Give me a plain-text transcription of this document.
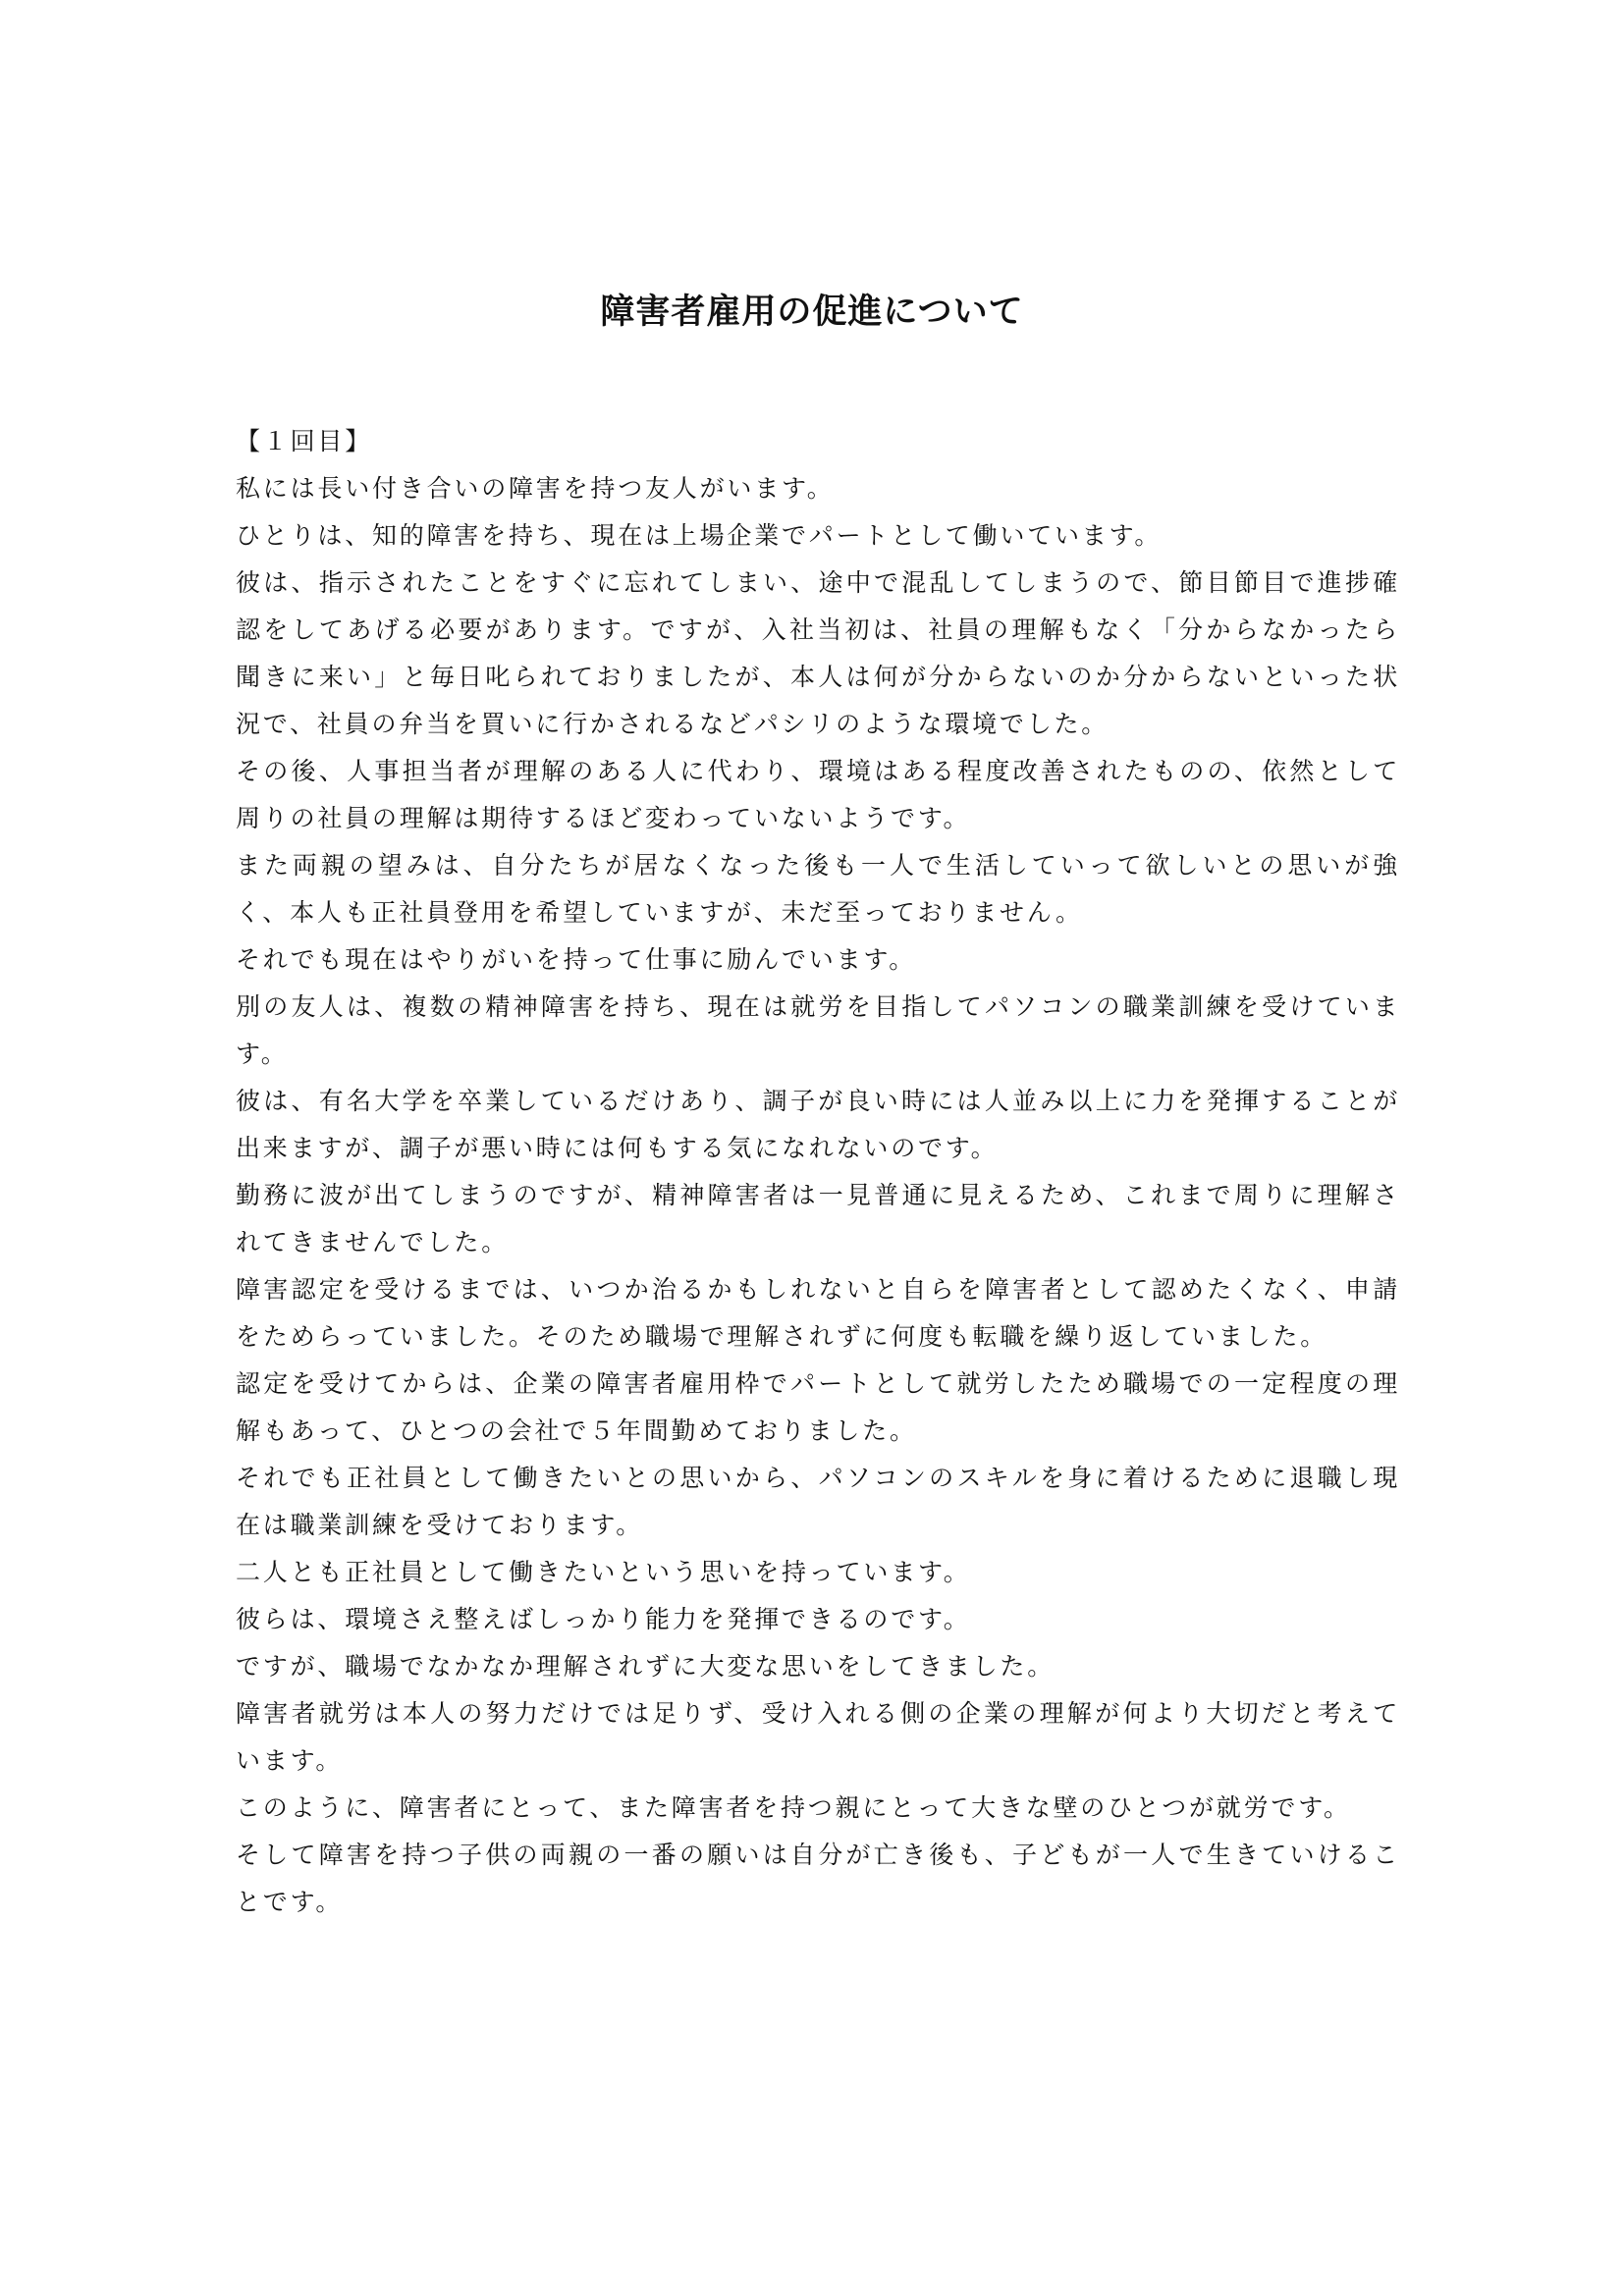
障害者雇用の促進について

【１回目】

私には長い付き合いの障害を持つ友人がいます。

ひとりは、知的障害を持ち、現在は上場企業でパートとして働いています。

彼は、指示されたことをすぐに忘れてしまい、途中で混乱してしまうので、節目節目で進捗確認をしてあげる必要があります。ですが、入社当初は、社員の理解もなく「分からなかったら聞きに来い」と毎日叱られておりましたが、本人は何が分からないのか分からないといった状況で、社員の弁当を買いに行かされるなどパシリのような環境でした。

その後、人事担当者が理解のある人に代わり、環境はある程度改善されたものの、依然として周りの社員の理解は期待するほど変わっていないようです。

また両親の望みは、自分たちが居なくなった後も一人で生活していって欲しいとの思いが強く、本人も正社員登用を希望していますが、未だ至っておりません。

それでも現在はやりがいを持って仕事に励んでいます。

別の友人は、複数の精神障害を持ち、現在は就労を目指してパソコンの職業訓練を受けています。

彼は、有名大学を卒業しているだけあり、調子が良い時には人並み以上に力を発揮することが出来ますが、調子が悪い時には何もする気になれないのです。

勤務に波が出てしまうのですが、精神障害者は一見普通に見えるため、これまで周りに理解されてきませんでした。

障害認定を受けるまでは、いつか治るかもしれないと自らを障害者として認めたくなく、申請をためらっていました。そのため職場で理解されずに何度も転職を繰り返していました。

認定を受けてからは、企業の障害者雇用枠でパートとして就労したため職場での一定程度の理解もあって、ひとつの会社で５年間勤めておりました。

それでも正社員として働きたいとの思いから、パソコンのスキルを身に着けるために退職し現在は職業訓練を受けております。

二人とも正社員として働きたいという思いを持っています。

彼らは、環境さえ整えばしっかり能力を発揮できるのです。

ですが、職場でなかなか理解されずに大変な思いをしてきました。

障害者就労は本人の努力だけでは足りず、受け入れる側の企業の理解が何より大切だと考えています。

このように、障害者にとって、また障害者を持つ親にとって大きな壁のひとつが就労です。

そして障害を持つ子供の両親の一番の願いは自分が亡き後も、子どもが一人で生きていけることです。
